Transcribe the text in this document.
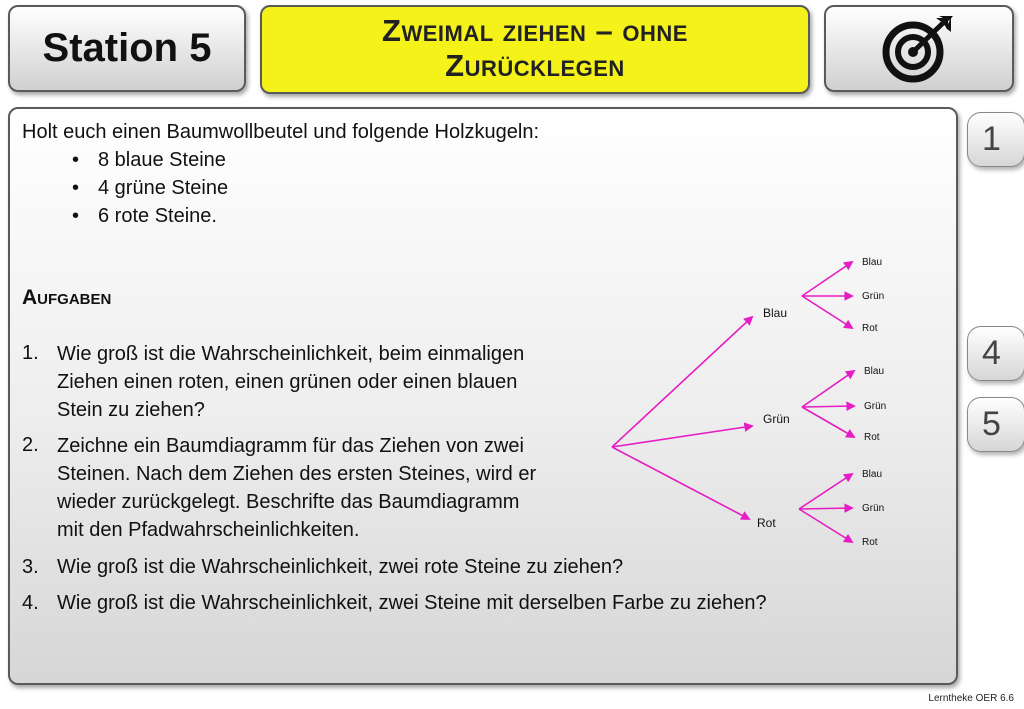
Station 5	Zweimal ziehen – ohne
Zurücklegen
Holt euch einen Baumwollbeutel und folgende Holzkugeln:
• 8 blaue Steine
• 4 grüne Steine
• 6 rote Steine.
Aufgaben
1. Wie groß ist die Wahrscheinlichkeit, beim einmaligen
Ziehen einen roten, einen grünen oder einen blauen
Stein zu ziehen?
2. Zeichne ein Baumdiagramm für das Ziehen von zwei
Steinen. Nach dem Ziehen des ersten Steines, wird er
wieder zurückgelegt. Beschrifte das Baumdiagramm
mit den Pfadwahrscheinlichkeiten.
3. Wie groß ist die Wahrscheinlichkeit, zwei rote Steine zu ziehen?
4. Wie groß ist die Wahrscheinlichkeit, zwei Steine mit derselben Farbe zu ziehen?
Blau
Blau
Grün
Rot
Grün
Blau
Grün
Rot
Rot
Blau
Grün
Rot
1
4
5
Lerntheke OER 6.6
